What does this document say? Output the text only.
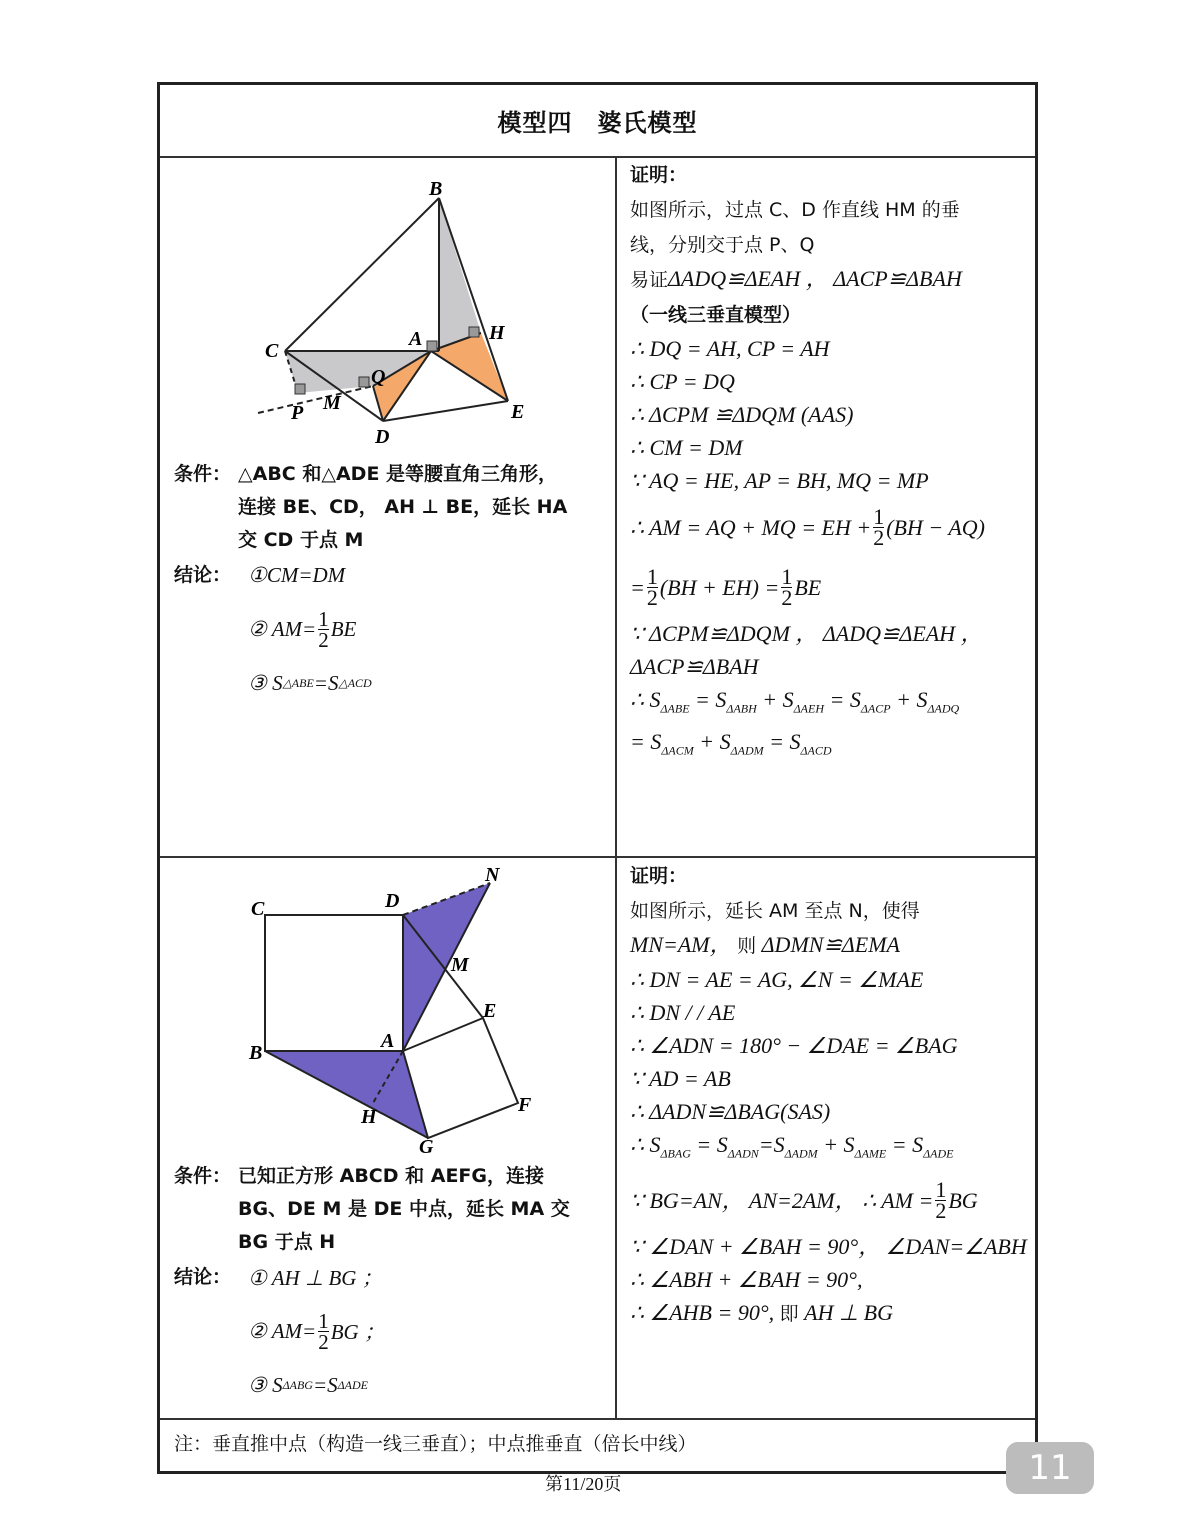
模型四　婆氏模型
B
C
A	H
P M
Q
D
E
条件： △ABC 和△ADE 是等腰直角三角形，
连接 BE、CD， AH ⊥ BE，延长 HA
交 CD 于点 M
结论： ①CM=DM
② $AM= \frac{1}{2}$ BE
③ S △ABE =S △ACD
证明：
如图所示，过点 C、D 作直线 HM 的垂
线，分别交于点 P、Q
易证ΔADQ≌ΔEAH ， ΔACP≌ΔBAH
（一线三垂直模型）
∴ DQ = AH, CP = AH
∴ CP = DQ
∴ ΔCPM ≌ΔDQM (AAS)
∴ CM = DM
∵ AQ = HE, AP = BH, MQ = MP
∴ AM = AQ + MQ = EH + $\frac{1}{2} (BH - AQ)$
= $\frac{1}{2} (BH + EH) = \frac{1}{2}$ BE
∵ ΔCPM≌ΔDQM ， ΔADQ≌ΔEAH ，
ΔACP≌ΔBAH
∴ $S_{\Delta ABE} = S_{\Delta ABH} + S_{\Delta AEH} = S_{\Delta ACP} + S_{\Delta ADQ}$
= $S_{\Delta ACM} + S_{\Delta ADM} = S_{\Delta ACD}$
C	D
N
M
E
A
B
F
H
G
条件： 已知正方形 ABCD 和 AEFG，连接
BG、DE M 是 DE 中点，延长 MA 交
BG 于点 H
结论： ① AH ⊥ BG ；
② $AM= \frac{1}{2}$ BG ；
③ S ΔABG =S ΔADE
证明：
如图所示，延长 AM 至点 N，使得
MN=AM， 则 ΔDMN≌ΔEMA
∴ DN = AE = AG, ∠N = ∠MAE
∴ DN / / AE
∴ ∠ADN = 180° − ∠DAE = ∠BAG
∵ AD = AB
∴ ΔADN≌ΔBAG(SAS)
∴ $S_{\Delta BAG} = S_{\Delta ADN}=S_{\Delta ADM} + S_{\Delta AME} = S_{\Delta ADE}$
∵ BG=AN， AN=2AM， ∴ AM = $\frac{1}{2}$ BG
∵ ∠DAN + ∠BAH = 90°， ∠DAN=∠ABH
∴ ∠ABH + ∠BAH = 90°,
∴ ∠AHB = 90°, 即 AH ⊥ BG
注：垂直推中点（构造一线三垂直）；中点推垂直（倍长中线）
第11/20页	11
